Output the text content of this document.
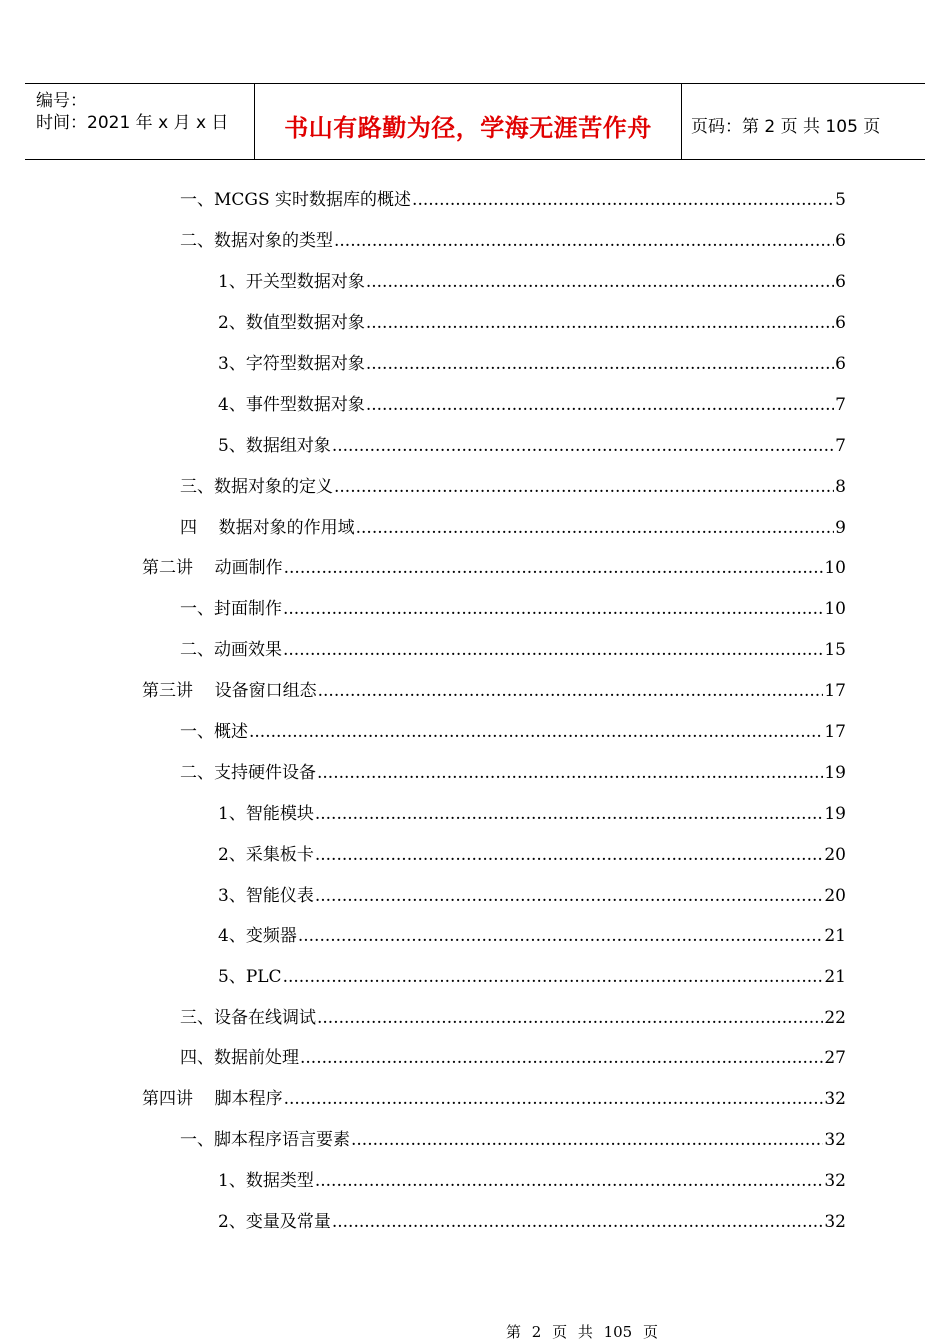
编号：
时间：2021 年 x 月 x 日	书山有路勤为径，学海无涯苦作舟	页码：第 2 页 共 105 页
一、MCGS 实时数据库的概述 .....	5
二、数据对象的类型 .....	6
1、开关型数据对象 .....	6
2、数值型数据对象 .....	6
3、字符型数据对象 .....	6
4、事件型数据对象 .....	7
5、数据组对象 .....	7
三、数据对象的定义 .....	8
四    数据对象的作用域 .....	9
第二讲    动画制作 .....	10
一、封面制作 .....	10
二、动画效果 .....	15
第三讲    设备窗口组态 .....	17
一、概述 .....	17
二、支持硬件设备 .....	19
1、智能模块 .....	19
2、采集板卡 .....	20
3、智能仪表 .....	20
4、变频器 .....	21
5、PLC .....	21
三、设备在线调试 .....	22
四、数据前处理 .....	27
第四讲    脚本程序 .....	32
一、脚本程序语言要素 .....	32
1、数据类型 .....	32
2、变量及常量 .....	32
第 2 页 共 105 页
